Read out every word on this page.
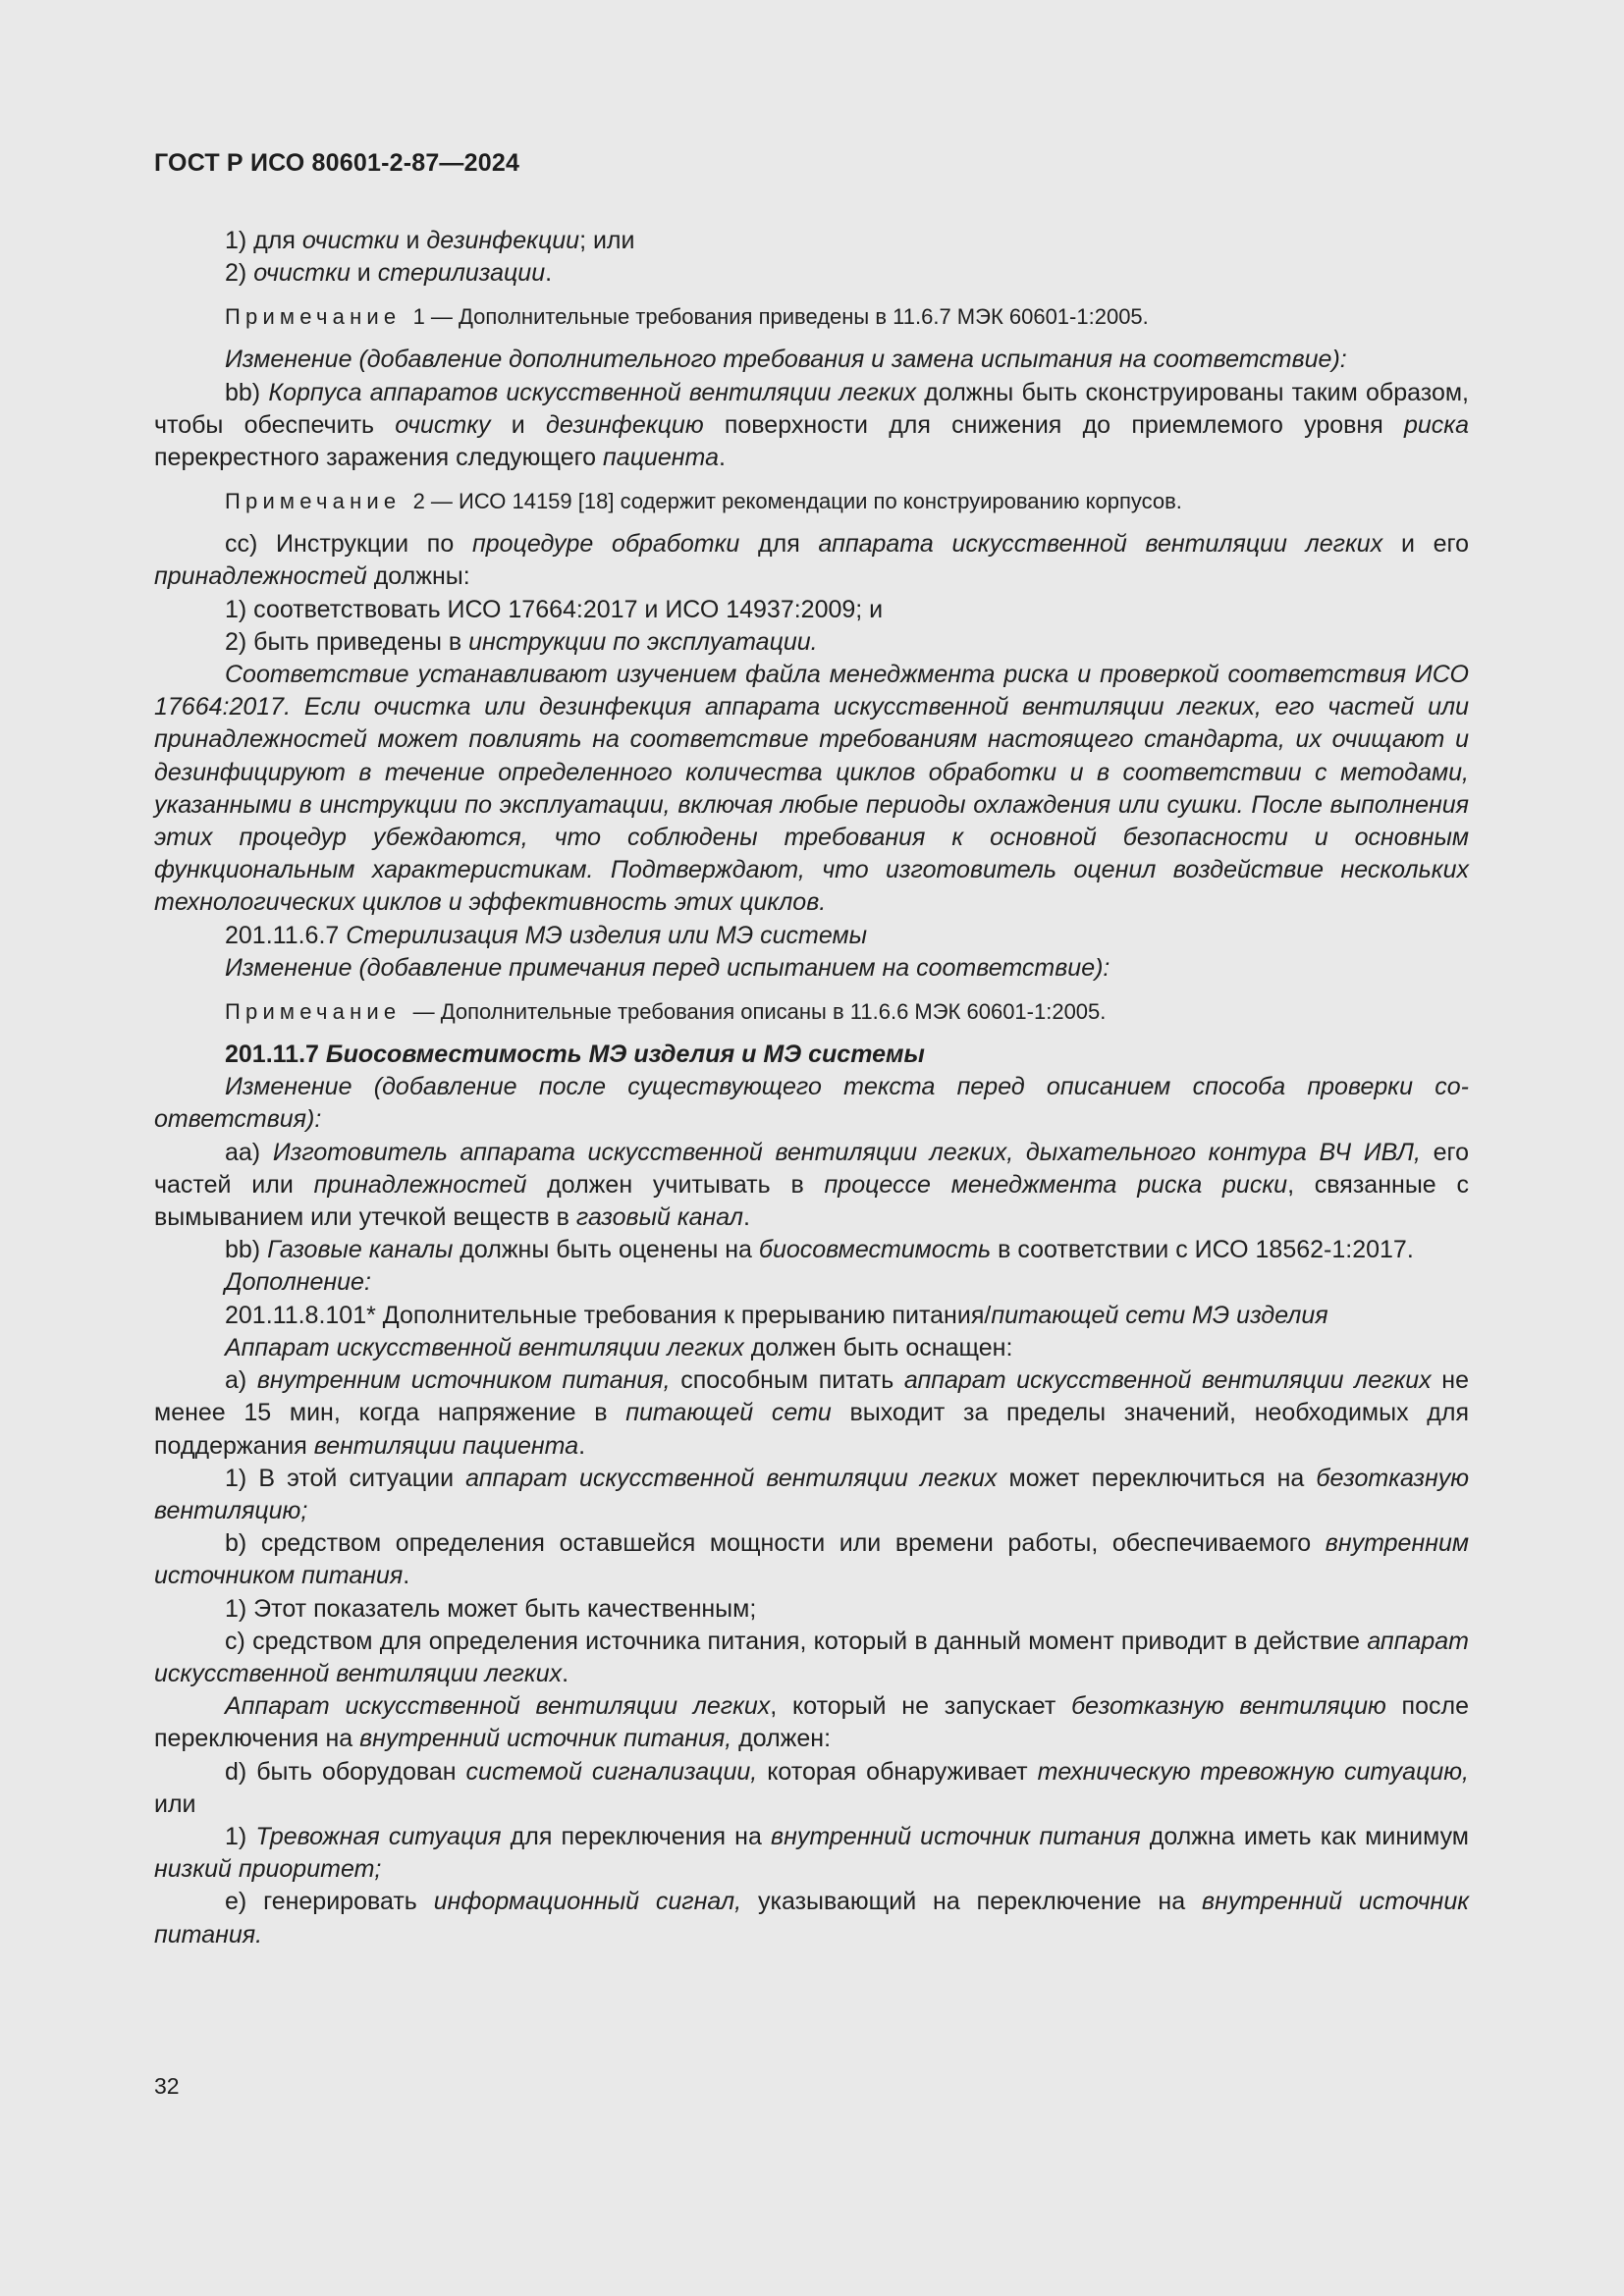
ГОСТ Р ИСО 80601-2-87—2024
1) для очистки и дезинфекции; или
2) очистки и стерилизации.
Примечание 1 — Дополнительные требования приведены в 11.6.7 МЭК 60601-1:2005.
Изменение (добавление дополнительного требования и замена испытания на соответствие):
bb) Корпуса аппаратов искусственной вентиляции легких должны быть сконструированы таким образом, чтобы обеспечить очистку и дезинфекцию поверхности для снижения до приемлемого уровня риска перекрестного заражения следующего пациента.
Примечание 2 — ИСО 14159 [18] содержит рекомендации по конструированию корпусов.
cc) Инструкции по процедуре обработки для аппарата искусственной вентиляции легких и его принадлежностей должны:
1) соответствовать ИСО 17664:2017 и ИСО 14937:2009; и
2) быть приведены в инструкции по эксплуатации.
Соответствие устанавливают изучением файла менеджмента риска и проверкой соответствия ИСО 17664:2017. Если очистка или дезинфекция аппарата искусственной вентиляции легких, его частей или принадлежностей может повлиять на соответствие требованиям настоящего стандарта, их очищают и дезинфицируют в течение определенного количества циклов обработки и в соответствии с методами, указанными в инструкции по эксплуатации, включая любые периоды охлаждения или сушки. После выполнения этих процедур убеждаются, что соблюдены требования к основной безопасности и основным функциональным характеристикам. Подтверждают, что изготовитель оценил воздействие нескольких технологических циклов и эффективность этих циклов.
201.11.6.7 Стерилизация МЭ изделия или МЭ системы
Изменение (добавление примечания перед испытанием на соответствие):
Примечание — Дополнительные требования описаны в 11.6.6 МЭК 60601-1:2005.
201.11.7 Биосовместимость МЭ изделия и МЭ системы
Изменение (добавление после существующего текста перед описанием способа проверки соответствия):
аа) Изготовитель аппарата искусственной вентиляции легких, дыхательного контура ВЧ ИВЛ, его частей или принадлежностей должен учитывать в процессе менеджмента риска риски, связанные с вымыванием или утечкой веществ в газовый канал.
bb) Газовые каналы должны быть оценены на биосовместимость в соответствии с ИСО 18562-1:2017.
Дополнение:
201.11.8.101* Дополнительные требования к прерыванию питания/питающей сети МЭ изделия
Аппарат искусственной вентиляции легких должен быть оснащен:
a) внутренним источником питания, способным питать аппарат искусственной вентиляции легких не менее 15 мин, когда напряжение в питающей сети выходит за пределы значений, необходимых для поддержания вентиляции пациента.
1) В этой ситуации аппарат искусственной вентиляции легких может переключиться на безотказную вентиляцию;
b) средством определения оставшейся мощности или времени работы, обеспечиваемого внутренним источником питания.
1) Этот показатель может быть качественным;
c) средством для определения источника питания, который в данный момент приводит в действие аппарат искусственной вентиляции легких.
Аппарат искусственной вентиляции легких, который не запускает безотказную вентиляцию после переключения на внутренний источник питания, должен:
d) быть оборудован системой сигнализации, которая обнаруживает техническую тревожную ситуацию, или
1) Тревожная ситуация для переключения на внутренний источник питания должна иметь как минимум низкий приоритет;
e) генерировать информационный сигнал, указывающий на переключение на внутренний источник питания.
32
